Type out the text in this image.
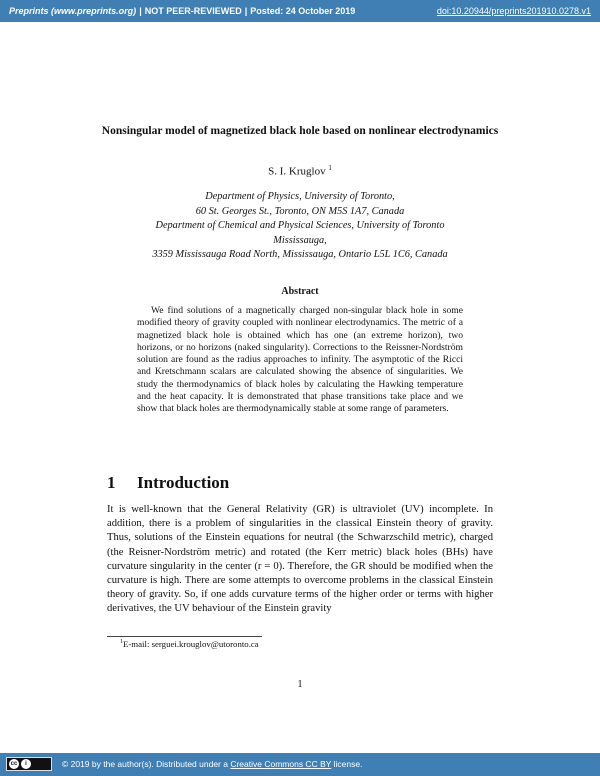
Preprints (www.preprints.org) | NOT PEER-REVIEWED | Posted: 24 October 2019	doi:10.20944/preprints201910.0278.v1
Nonsingular model of magnetized black hole based on nonlinear electrodynamics
S. I. Kruglov $^1$
Department of Physics, University of Toronto,
60 St. Georges St., Toronto, ON M5S 1A7, Canada
Department of Chemical and Physical Sciences, University of Toronto
Mississauga,
3359 Mississauga Road North, Mississauga, Ontario L5L 1C6, Canada
Abstract
We find solutions of a magnetically charged non-singular black hole in some modified theory of gravity coupled with nonlinear electrodynamics. The metric of a magnetized black hole is obtained which has one (an extreme horizon), two horizons, or no horizons (naked singularity). Corrections to the Reissner-Nordström solution are found as the radius approaches to infinity. The asymptotic of the Ricci and Kretschmann scalars are calculated showing the absence of singularities. We study the thermodynamics of black holes by calculating the Hawking temperature and the heat capacity. It is demonstrated that phase transitions take place and we show that black holes are thermodynamically stable at some range of parameters.
1 Introduction
It is well-known that the General Relativity (GR) is ultraviolet (UV) incomplete. In addition, there is a problem of singularities in the classical Einstein theory of gravity. Thus, solutions of the Einstein equations for neutral (the Schwarzschild metric), charged (the Reisner-Nordström metric) and rotated (the Kerr metric) black holes (BHs) have curvature singularity in the center (r = 0). Therefore, the GR should be modified when the curvature is high. There are some attempts to overcome problems in the classical Einstein theory of gravity. So, if one adds curvature terms of the higher order or terms with higher derivatives, the UV behaviour of the Einstein gravity
$^1$E-mail: serguei.krouglov@utoronto.ca
1
cc	i	© 2019 by the author(s). Distributed under a Creative Commons CC BY license.
